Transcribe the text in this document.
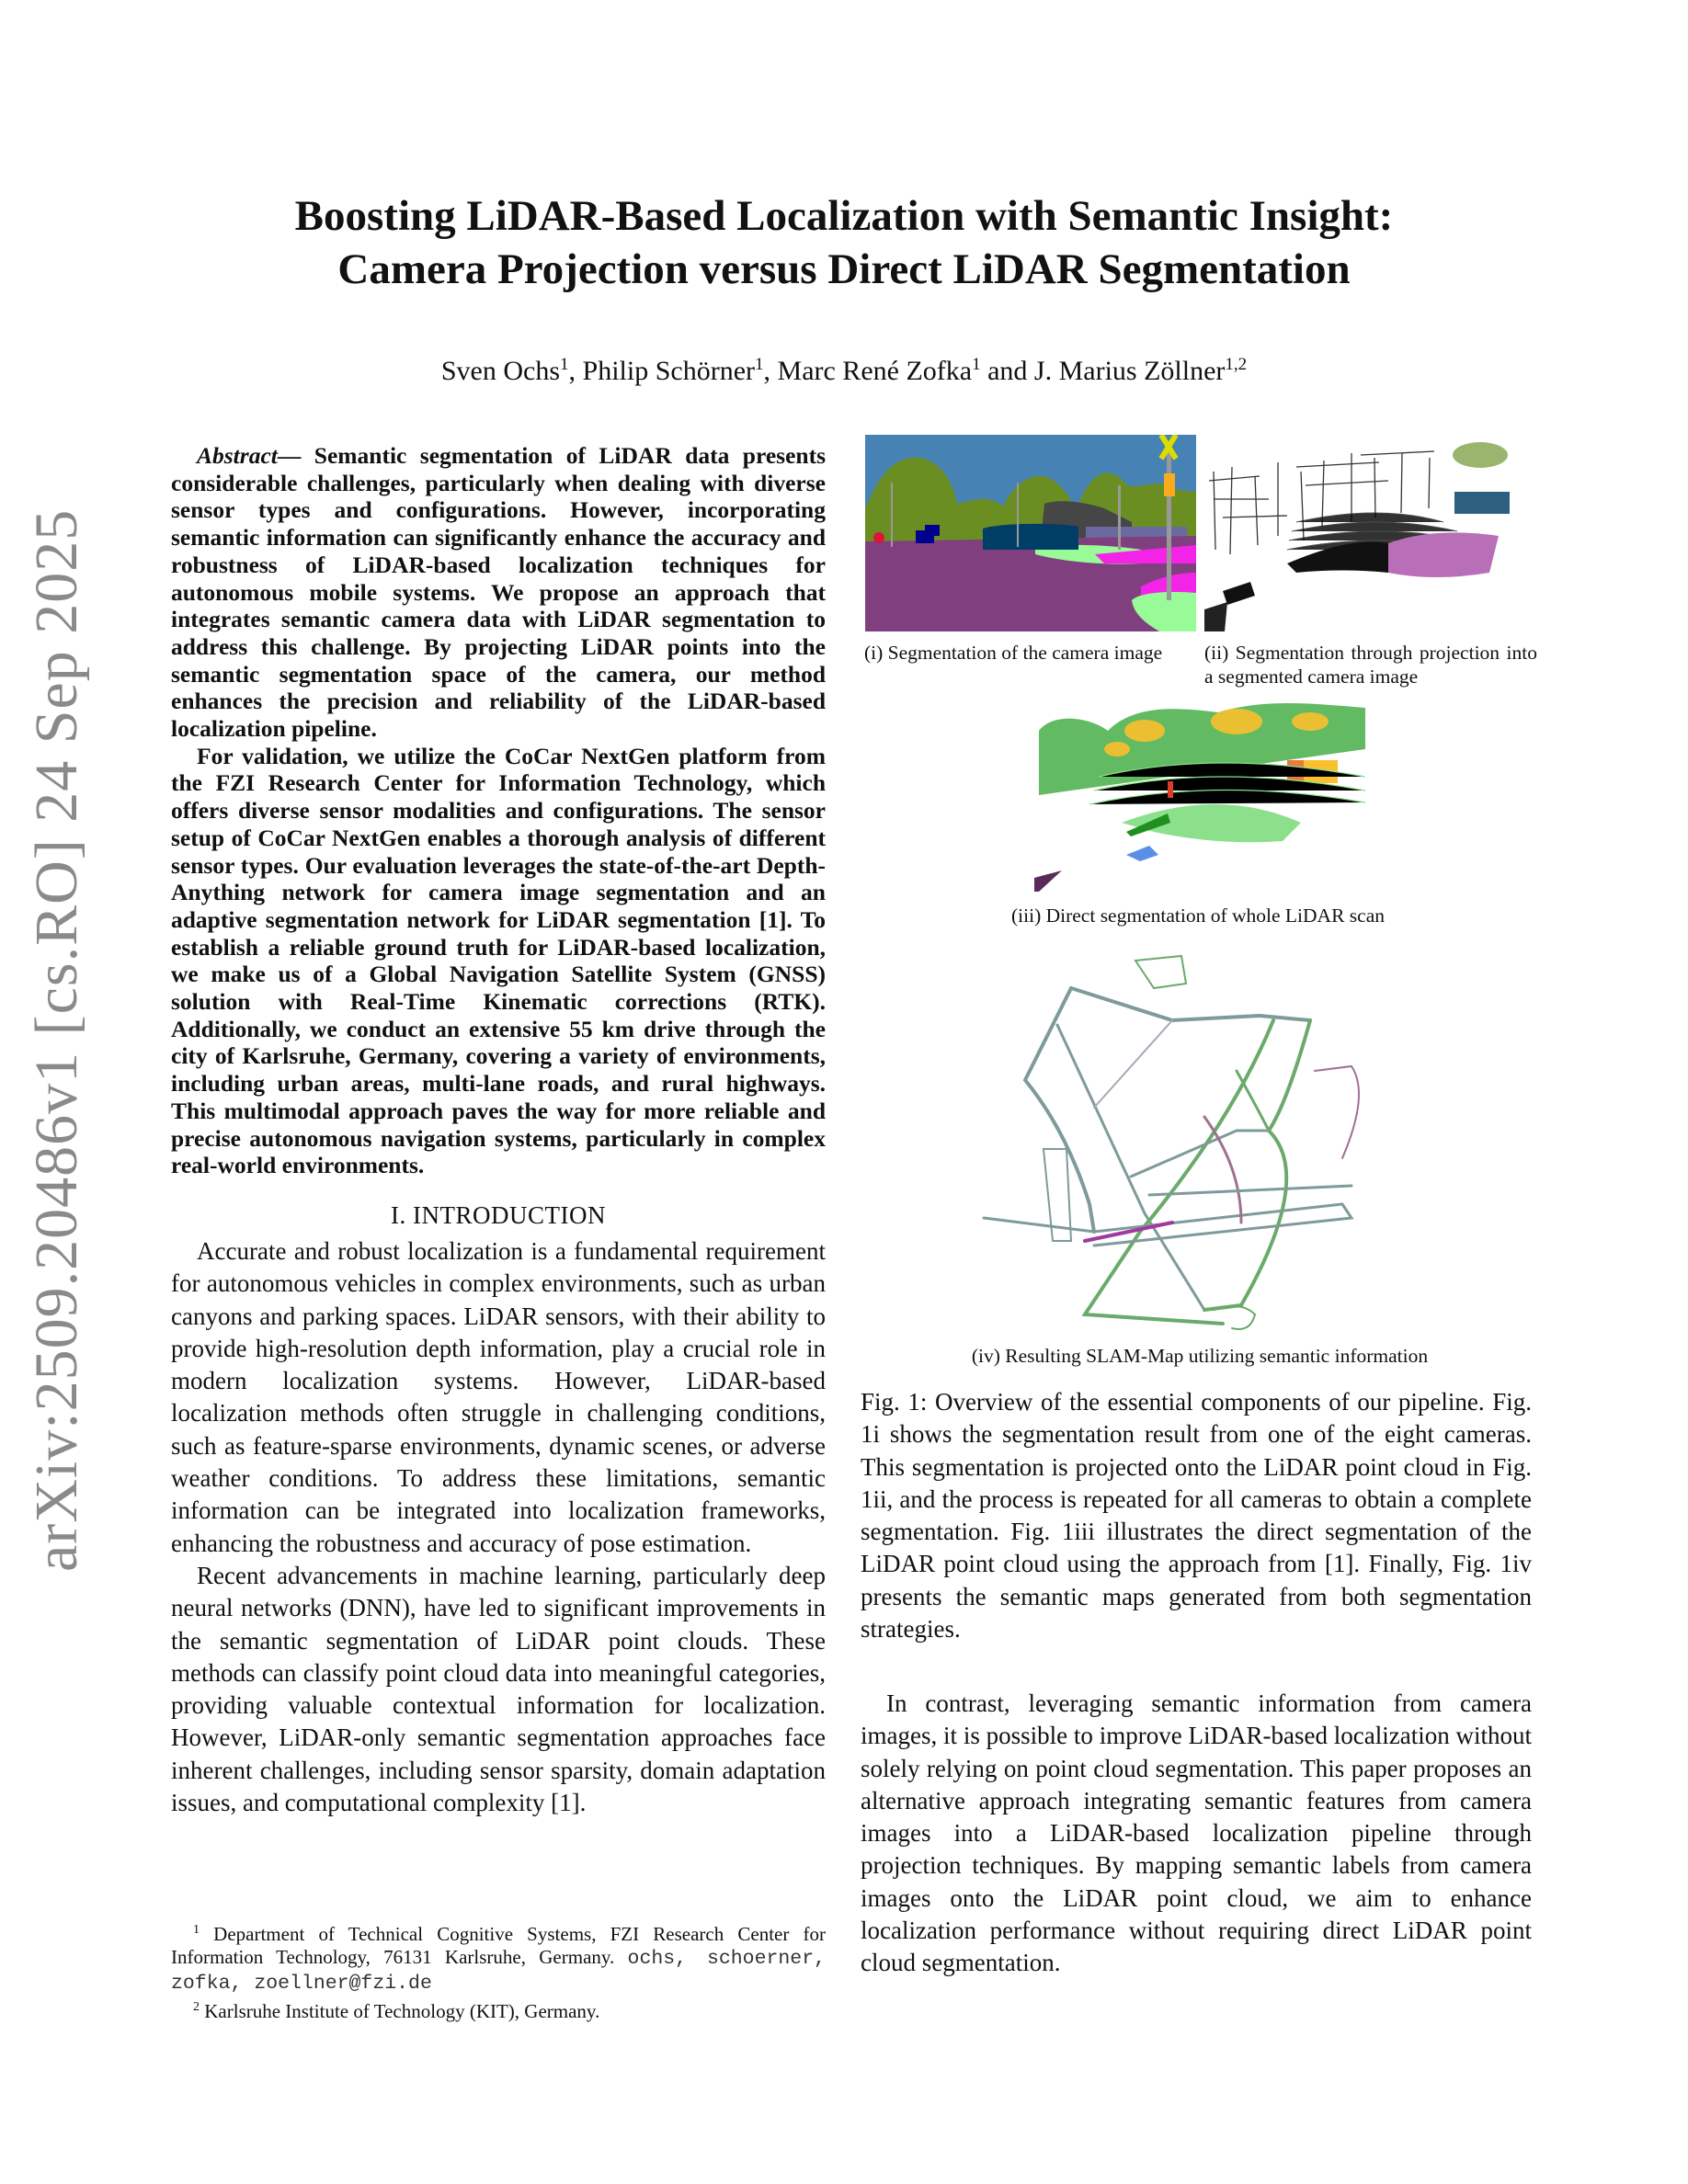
arXiv:2509.20486v1 [cs.RO] 24 Sep 2025
Boosting LiDAR-Based Localization with Semantic Insight:
Camera Projection versus Direct LiDAR Segmentation
Sven Ochs$^1$, Philip Schörner$^1$, Marc René Zofka$^1$ and J. Marius Zöllner$^{1,2}$

Abstract— Semantic segmentation of LiDAR data presents considerable challenges, particularly when dealing with diverse sensor types and configurations. However, incorporating semantic information can significantly enhance the accuracy and robustness of LiDAR-based localization techniques for autonomous mobile systems. We propose an approach that integrates semantic camera data with LiDAR segmentation to address this challenge. By projecting LiDAR points into the semantic segmentation space of the camera, our method enhances the precision and reliability of the LiDAR-based localization pipeline.

For validation, we utilize the CoCar NextGen platform from the FZI Research Center for Information Technology, which offers diverse sensor modalities and configurations. The sensor setup of CoCar NextGen enables a thorough analysis of different sensor types. Our evaluation leverages the state-of-the-art Depth-Anything network for camera image segmentation and an adaptive segmentation network for LiDAR segmentation [1]. To establish a reliable ground truth for LiDAR-based localization, we make us of a Global Navigation Satellite System (GNSS) solution with Real-Time Kinematic corrections (RTK). Additionally, we conduct an extensive 55 km drive through the city of Karlsruhe, Germany, covering a variety of environments, including urban areas, multi-lane roads, and rural highways. This multimodal approach paves the way for more reliable and precise autonomous navigation systems, particularly in complex real-world environments.

I. INTRODUCTION

Accurate and robust localization is a fundamental requirement for autonomous vehicles in complex environments, such as urban canyons and parking spaces. LiDAR sensors, with their ability to provide high-resolution depth information, play a crucial role in modern localization systems. However, LiDAR-based localization methods often struggle in challenging conditions, such as feature-sparse environments, dynamic scenes, or adverse weather conditions. To address these limitations, semantic information can be integrated into localization frameworks, enhancing the robustness and accuracy of pose estimation.

Recent advancements in machine learning, particularly deep neural networks (DNN), have led to significant improvements in the semantic segmentation of LiDAR point clouds. These methods can classify point cloud data into meaningful categories, providing valuable contextual information for localization. However, LiDAR-only semantic segmentation approaches face inherent challenges, including sensor sparsity, domain adaptation issues, and computational complexity [1].

$^1$ Department of Technical Cognitive Systems, FZI Research Center for Information Technology, 76131 Karlsruhe, Germany. ochs, schoerner, zofka, zoellner@fzi.de
$^2$ Karlsruhe Institute of Technology (KIT), Germany.
(i) Segmentation of the camera image	(ii) Segmentation through projection into a segmented camera image
(iii) Direct segmentation of whole LiDAR scan
(iv) Resulting SLAM-Map utilizing semantic information
Fig. 1: Overview of the essential components of our pipeline. Fig. 1i shows the segmentation result from one of the eight cameras. This segmentation is projected onto the LiDAR point cloud in Fig. 1ii, and the process is repeated for all cameras to obtain a complete segmentation. Fig. 1iii illustrates the direct segmentation of the LiDAR point cloud using the approach from [1]. Finally, Fig. 1iv presents the semantic maps generated from both segmentation strategies.

In contrast, leveraging semantic information from camera images, it is possible to improve LiDAR-based localization without solely relying on point cloud segmentation. This paper proposes an alternative approach integrating semantic features from camera images into a LiDAR-based localization pipeline through projection techniques. By mapping semantic labels from camera images onto the LiDAR point cloud, we aim to enhance localization performance without requiring direct LiDAR point cloud segmentation.
